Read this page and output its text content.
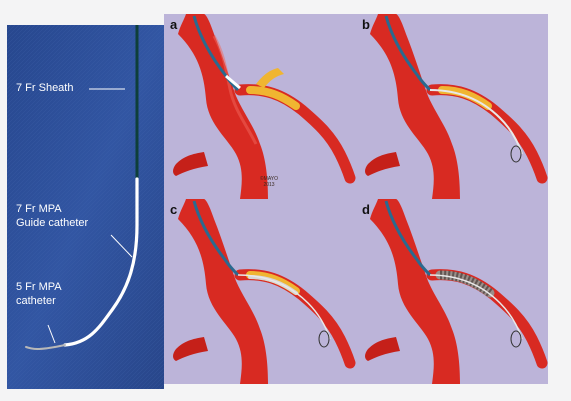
7 Fr Sheath
7 Fr MPA
Guide catheter
5 Fr MPA
catheter
a
©MAYO
2013
b
c	d
